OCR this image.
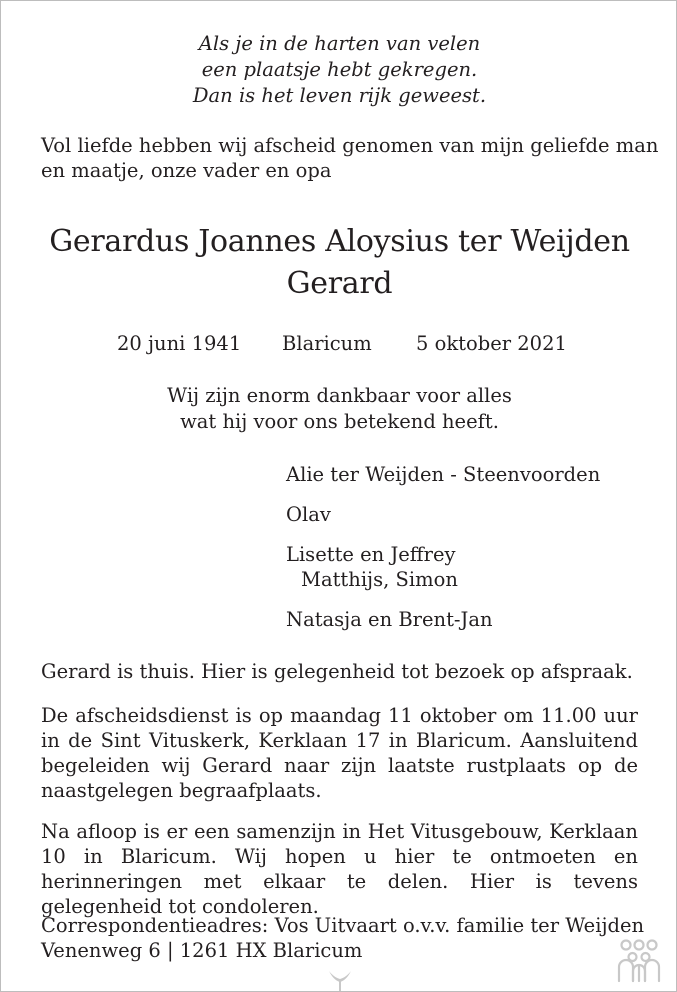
Als je in de harten van velen
een plaatsje hebt gekregen.
Dan is het leven rijk geweest.
Vol liefde hebben wij afscheid genomen van mijn geliefde man
en maatje, onze vader en opa
Gerardus Joannes Aloysius ter Weijden
Gerard
20 juni 1941 Blaricum 5 oktober 2021
Wij zijn enorm dankbaar voor alles
wat hij voor ons betekend heeft.
Alie ter Weijden - Steenvoorden
Olav
Lisette en Jeffrey
Matthijs, Simon
Natasja en Brent-Jan
Gerard is thuis. Hier is gelegenheid tot bezoek op afspraak.
De afscheidsdienst is op maandag 11 oktober om 11.00 uur in de Sint Vituskerk, Kerklaan 17 in Blaricum. Aansluitend begeleiden wij Gerard naar zijn laatste rustplaats op de naastgelegen begraafplaats.
Na afloop is er een samenzijn in Het Vitusgebouw, Kerklaan 10 in Blaricum. Wij hopen u hier te ontmoeten en herinneringen met elkaar te delen. Hier is tevens gelegenheid tot condoleren.
Correspondentieadres: Vos Uitvaart o.v.v. familie ter Weijden
Venenweg 6 | 1261 HX Blaricum
